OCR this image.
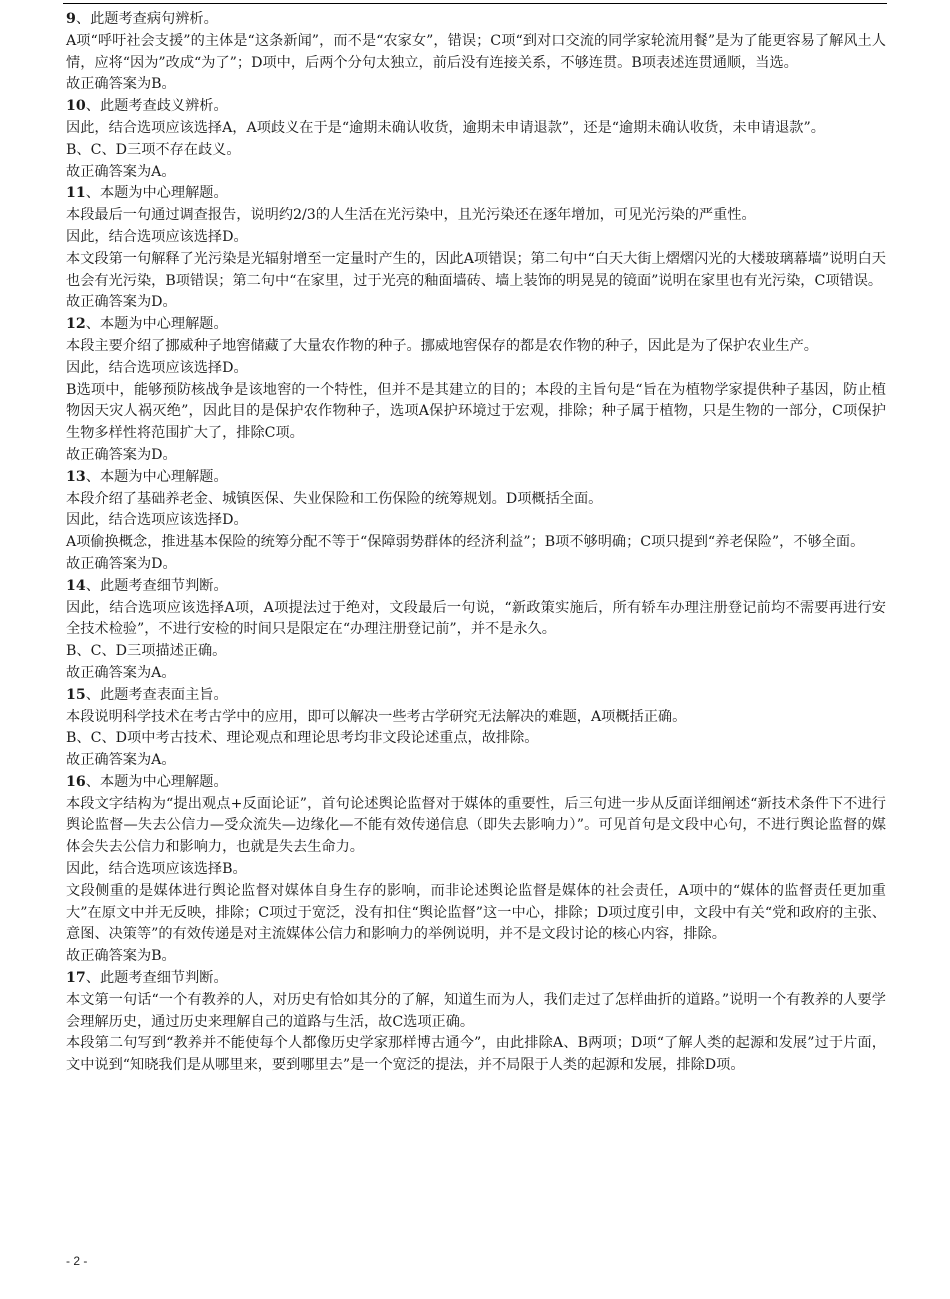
9、此题考查病句辨析。

A项“呼吁社会支援”的主体是“这条新闻”，而不是“农家女”，错误；C项“到对口交流的同学家轮流用餐”是为了能更容易了解风土人情，应将“因为”改成“为了”；D项中，后两个分句太独立，前后没有连接关系，不够连贯。B项表述连贯通顺，当选。

故正确答案为B。

10、此题考查歧义辨析。

因此，结合选项应该选择A，A项歧义在于是“逾期未确认收货，逾期未申请退款”，还是“逾期未确认收货，未申请退款”。

B、C、D三项不存在歧义。

故正确答案为A。

11、本题为中心理解题。

本段最后一句通过调查报告，说明约2/3的人生活在光污染中，且光污染还在逐年增加，可见光污染的严重性。

因此，结合选项应该选择D。

本文段第一句解释了光污染是光辐射增至一定量时产生的，因此A项错误；第二句中“白天大街上熠熠闪光的大楼玻璃幕墙”说明白天也会有光污染，B项错误；第二句中“在家里，过于光亮的釉面墙砖、墙上装饰的明晃晃的镜面”说明在家里也有光污染，C项错误。

故正确答案为D。

12、本题为中心理解题。

本段主要介绍了挪威种子地窖储藏了大量农作物的种子。挪威地窖保存的都是农作物的种子，因此是为了保护农业生产。

因此，结合选项应该选择D。

B选项中，能够预防核战争是该地窖的一个特性，但并不是其建立的目的；本段的主旨句是“旨在为植物学家提供种子基因，防止植物因天灾人祸灭绝”，因此目的是保护农作物种子，选项A保护环境过于宏观，排除；种子属于植物，只是生物的一部分，C项保护生物多样性将范围扩大了，排除C项。

故正确答案为D。

13、本题为中心理解题。

本段介绍了基础养老金、城镇医保、失业保险和工伤保险的统筹规划。D项概括全面。

因此，结合选项应该选择D。

A项偷换概念，推进基本保险的统筹分配不等于“保障弱势群体的经济利益”；B项不够明确；C项只提到“养老保险”，不够全面。

故正确答案为D。

14、此题考查细节判断。

因此，结合选项应该选择A项，A项提法过于绝对，文段最后一句说，“新政策实施后，所有轿车办理注册登记前均不需要再进行安全技术检验”，不进行安检的时间只是限定在“办理注册登记前”，并不是永久。

B、C、D三项描述正确。

故正确答案为A。

15、此题考查表面主旨。

本段说明科学技术在考古学中的应用，即可以解决一些考古学研究无法解决的难题，A项概括正确。

B、C、D项中考古技术、理论观点和理论思考均非文段论述重点，故排除。

故正确答案为A。

16、本题为中心理解题。

本段文字结构为“提出观点+反面论证”，首句论述舆论监督对于媒体的重要性，后三句进一步从反面详细阐述“新技术条件下不进行舆论监督—失去公信力—受众流失—边缘化—不能有效传递信息（即失去影响力）”。可见首句是文段中心句，不进行舆论监督的媒体会失去公信力和影响力，也就是失去生命力。

因此，结合选项应该选择B。

文段侧重的是媒体进行舆论监督对媒体自身生存的影响，而非论述舆论监督是媒体的社会责任，A项中的“媒体的监督责任更加重大”在原文中并无反映，排除；C项过于宽泛，没有扣住“舆论监督”这一中心，排除；D项过度引申，文段中有关“党和政府的主张、意图、决策等”的有效传递是对主流媒体公信力和影响力的举例说明，并不是文段讨论的核心内容，排除。

故正确答案为B。

17、此题考查细节判断。

本文第一句话“一个有教养的人，对历史有恰如其分的了解，知道生而为人，我们走过了怎样曲折的道路。”说明一个有教养的人要学会理解历史，通过历史来理解自己的道路与生活，故C选项正确。

本段第二句写到“教养并不能使每个人都像历史学家那样博古通今”，由此排除A、B两项；D项“了解人类的起源和发展”过于片面，文中说到“知晓我们是从哪里来，要到哪里去”是一个宽泛的提法，并不局限于人类的起源和发展，排除D项。

- 2 -
